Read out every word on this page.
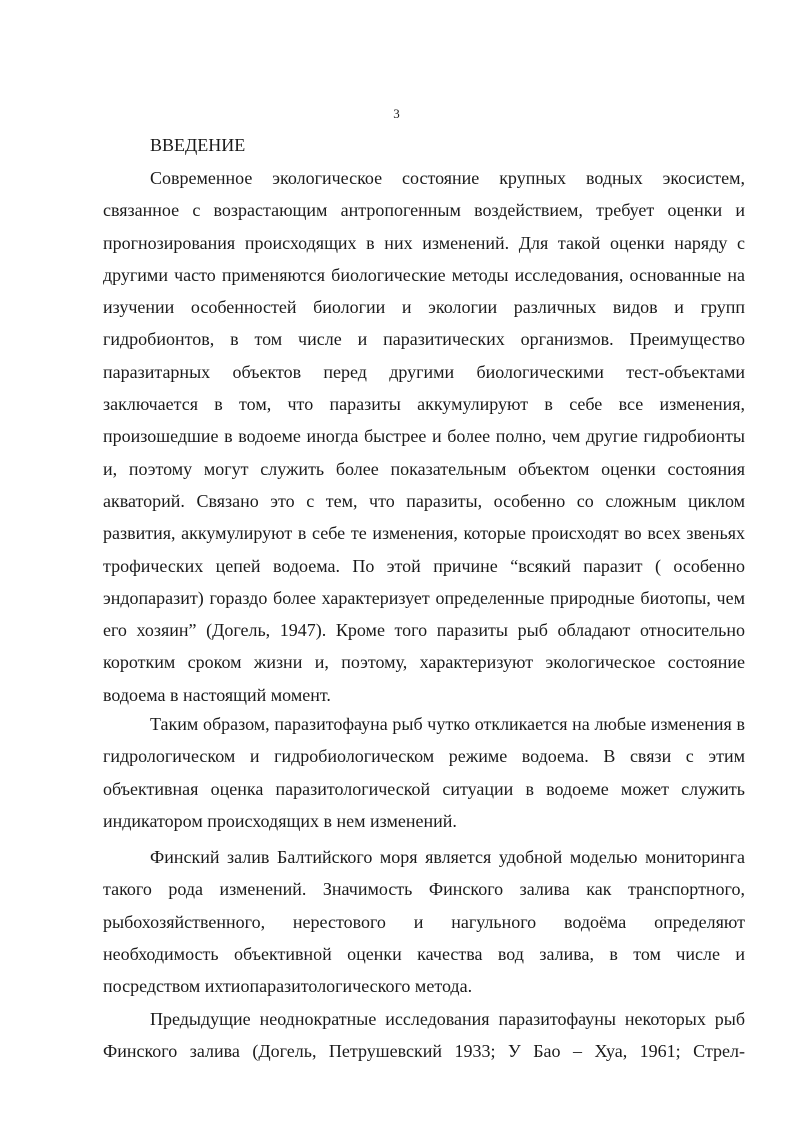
3
ВВЕДЕНИЕ

Современное экологическое состояние крупных водных экосистем, связанное с возрастающим антропогенным воздействием, требует оценки и прогнозирования происходящих в них изменений. Для такой оценки наряду с другими часто применяются биологические методы исследования, основанные на изучении особенностей биологии и экологии различных видов и групп гидробионтов, в том числе и паразитических организмов. Преимущество паразитарных объектов перед другими биологическими тест-объектами заключается в том, что паразиты аккумулируют в себе все изменения, произошедшие в водоеме иногда быстрее и более полно, чем другие гидробионты и, поэтому могут служить более показательным объектом оценки состояния акваторий. Связано это с тем, что паразиты, особенно со сложным циклом развития, аккумулируют в себе те изменения, которые происходят во всех звеньях трофических цепей водоема. По этой причине “всякий паразит ( особенно эндопаразит) гораздо более характеризует определенные природные биотопы, чем его хозяин” (Догель, 1947). Кроме того паразиты рыб обладают относительно коротким сроком жизни и, поэтому, характеризуют экологическое состояние водоема в настоящий момент.

Таким образом, паразитофауна рыб чутко откликается на любые изменения в гидрологическом и гидробиологическом режиме водоема. В связи с этим объективная оценка паразитологической ситуации в водоеме может служить индикатором происходящих в нем изменений.

Финский залив Балтийского моря является удобной моделью мониторинга такого рода изменений. Значимость Финского залива как транспортного, рыбохозяйственного, нерестового и нагульного водоёма определяют необходимость объективной оценки качества вод залива, в том числе и посредством ихтиопаразитологического метода.

Предыдущие неоднократные исследования паразитофауны некоторых рыб Финского залива (Догель, Петрушевский 1933; У Бао – Хуа, 1961; Стрел-
